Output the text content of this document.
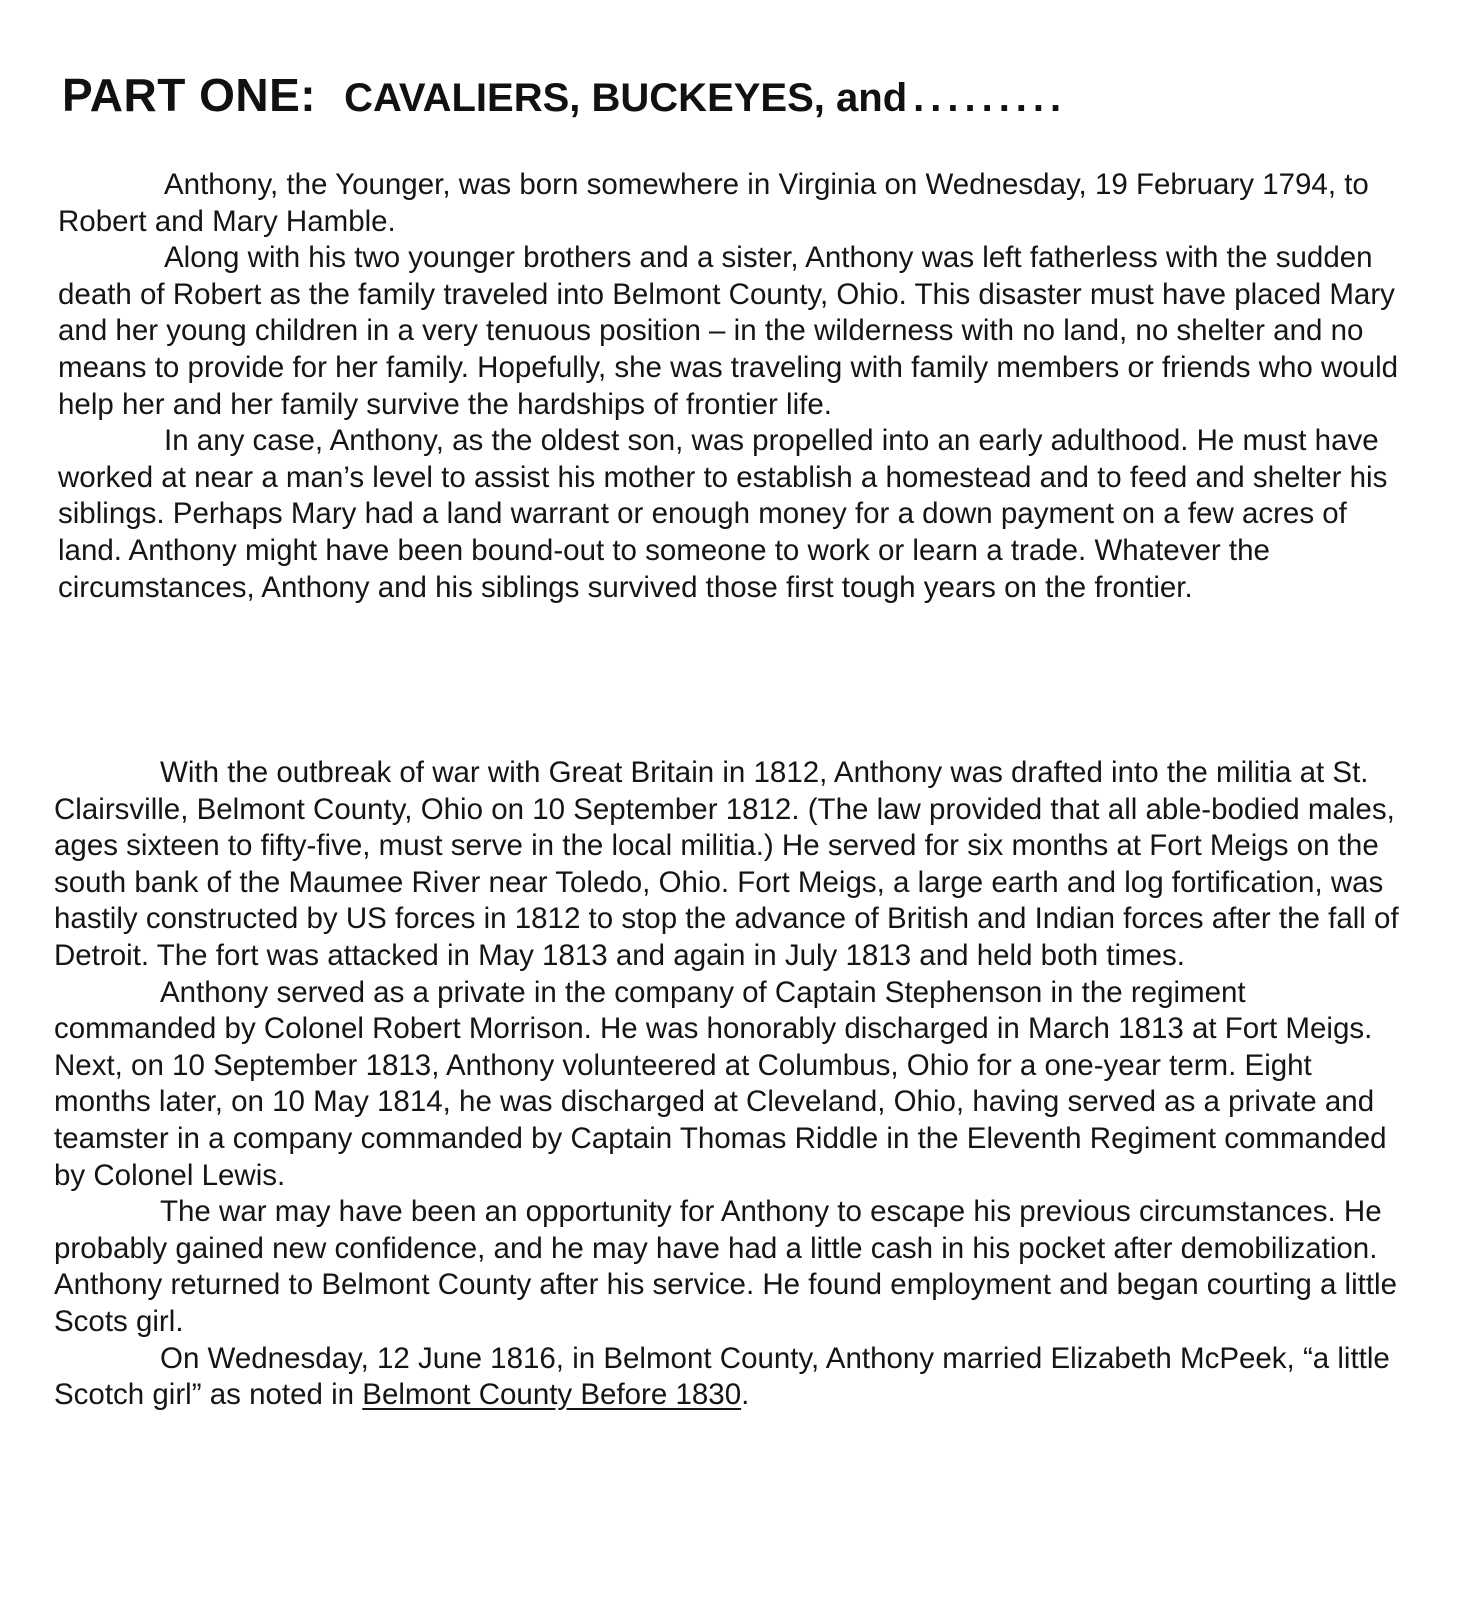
PART ONE: CAVALIERS, BUCKEYES, and .........

Anthony, the Younger, was born somewhere in Virginia on Wednesday, 19 February 1794, to Robert and Mary Hamble.

Along with his two younger brothers and a sister, Anthony was left fatherless with the sudden death of Robert as the family traveled into Belmont County, Ohio. This disaster must have placed Mary and her young children in a very tenuous position – in the wilderness with no land, no shelter and no means to provide for her family. Hopefully, she was traveling with family members or friends who would help her and her family survive the hardships of frontier life.

In any case, Anthony, as the oldest son, was propelled into an early adulthood. He must have worked at near a man’s level to assist his mother to establish a homestead and to feed and shelter his siblings. Perhaps Mary had a land warrant or enough money for a down payment on a few acres of land. Anthony might have been bound-out to someone to work or learn a trade. Whatever the circumstances, Anthony and his siblings survived those first tough years on the frontier.

With the outbreak of war with Great Britain in 1812, Anthony was drafted into the militia at St. Clairsville, Belmont County, Ohio on 10 September 1812. (The law provided that all able-bodied males, ages sixteen to fifty-five, must serve in the local militia.) He served for six months at Fort Meigs on the south bank of the Maumee River near Toledo, Ohio. Fort Meigs, a large earth and log fortification, was hastily constructed by US forces in 1812 to stop the advance of British and Indian forces after the fall of Detroit. The fort was attacked in May 1813 and again in July 1813 and held both times.

Anthony served as a private in the company of Captain Stephenson in the regiment commanded by Colonel Robert Morrison. He was honorably discharged in March 1813 at Fort Meigs. Next, on 10 September 1813, Anthony volunteered at Columbus, Ohio for a one-year term. Eight months later, on 10 May 1814, he was discharged at Cleveland, Ohio, having served as a private and teamster in a company commanded by Captain Thomas Riddle in the Eleventh Regiment commanded by Colonel Lewis.

The war may have been an opportunity for Anthony to escape his previous circumstances. He probably gained new confidence, and he may have had a little cash in his pocket after demobilization. Anthony returned to Belmont County after his service. He found employment and began courting a little Scots girl.

On Wednesday, 12 June 1816, in Belmont County, Anthony married Elizabeth McPeek, “a little Scotch girl” as noted in Belmont County Before 1830.
